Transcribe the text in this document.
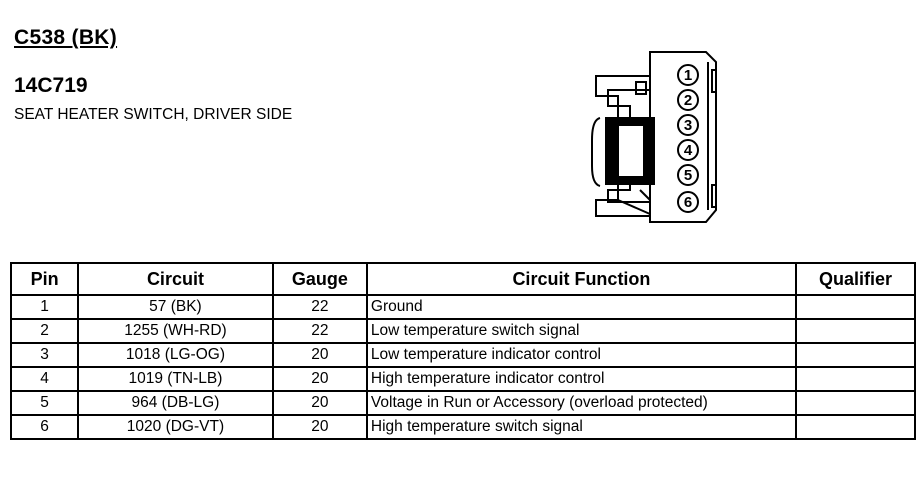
C538 (BK)
14C719
SEAT HEATER SWITCH, DRIVER SIDE
1
2
3
4
5
6
Pin	Circuit	Gauge	Circuit Function	Qualifier
1	57 (BK)	22	Ground	
2	1255 (WH-RD)	22	Low temperature switch signal	
3	1018 (LG-OG)	20	Low temperature indicator control	
4	1019 (TN-LB)	20	High temperature indicator control	
5	964 (DB-LG)	20	Voltage in Run or Accessory (overload protected)	
6	1020 (DG-VT)	20	High temperature switch signal	
